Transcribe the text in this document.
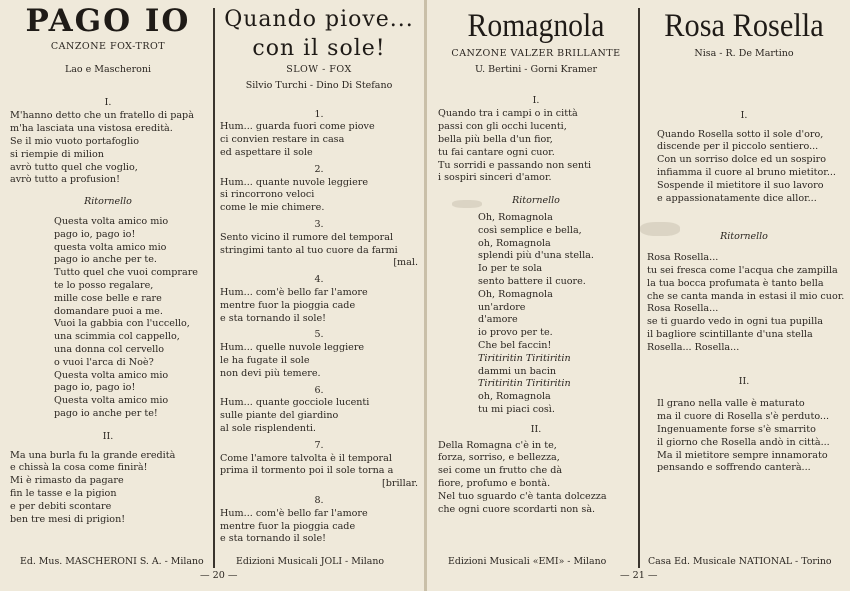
PAGO IO
CANZONE FOX-TROT
Lao e Mascheroni
I.
M'hanno detto che un fratello di papà
m'ha lasciata una vistosa eredità.
Se il mio vuoto portafoglio
si riempie di milion
avrò tutto quel che voglio,
avrò tutto a profusion!
Ritornello
Questa volta amico mio
pago io, pago io!
questa volta amico mio
pago io anche per te.
Tutto quel che vuoi comprare
te lo posso regalare,
mille cose belle e rare
domandare puoi a me.
Vuoi la gabbia con l'uccello,
una scimmia col cappello,
una donna col cervello
o vuoi l'arca di Noè?
Questa volta amico mio
pago io, pago io!
Questa volta amico mio
pago io anche per te!
II.
Ma una burla fu la grande eredità
e chissà la cosa come finirà!
Mi è rimasto da pagare
fin le tasse e la pigion
e per debiti scontare
ben tre mesi di prigion!
Ed. Mus. MASCHERONI S. A. - Milano
Quando piove...
con il sole!
SLOW - FOX
Silvio Turchi - Dino Di Stefano
1.
Hum... guarda fuori come piove
ci convien restare in casa
ed aspettare il sole
2.
Hum... quante nuvole leggiere
si rincorrono veloci
come le mie chimere.
3.
Sento vicino il rumore del temporal
stringimi tanto al tuo cuore da farmi
[mal.
4.
Hum... com'è bello far l'amore
mentre fuor la pioggia cade
e sta tornando il sole!
5.
Hum... quelle nuvole leggiere
le ha fugate il sole
non devi più temere.
6.
Hum... quante gocciole lucenti
sulle piante del giardino
al sole risplendenti.
7.
Come l'amore talvolta è il temporal
prima il tormento poi il sole torna a
[brillar.
8.
Hum... com'è bello far l'amore
mentre fuor la pioggia cade
e sta tornando il sole!
Edizioni Musicali JOLI - Milano
— 20 —
Romagnola
CANZONE VALZER BRILLANTE
U. Bertini - Gorni Kramer
I.
Quando tra i campi o in città
passi con gli occhi lucenti,
bella più bella d'un fior,
tu fai cantare ogni cuor.
Tu sorridi e passando non senti
i sospiri sinceri d'amor.
Ritornello
Oh, Romagnola
così semplice e bella,
oh, Romagnola
splendi più d'una stella.
Io per te sola
sento battere il cuore.
Oh, Romagnola
un'ardore
d'amore
io provo per te.
Che bel faccin!
Tiritiritin Tiritiritin
dammi un bacin
Tiritiritin Tiritiritin
oh, Romagnola
tu mi piaci così.
II.
Della Romagna c'è in te,
forza, sorriso, e bellezza,
sei come un frutto che dà
fiore, profumo e bontà.
Nel tuo sguardo c'è tanta dolcezza
che ogni cuore scordarti non sà.
Edizioni Musicali «EMI» - Milano
— 21 —
Rosa Rosella
Nisa - R. De Martino
I.
Quando Rosella sotto il sole d'oro,
discende per il piccolo sentiero...
Con un sorriso dolce ed un sospiro
infiamma il cuore al bruno mietitor...
Sospende il mietitore il suo lavoro
e appassionatamente dice allor...
Ritornello
Rosa Rosella...
tu sei fresca come l'acqua che zampilla
la tua bocca profumata è tanto bella
che se canta manda in estasi il mio cuor.
Rosa Rosella...
se ti guardo vedo in ogni tua pupilla
il bagliore scintillante d'una stella
Rosella... Rosella...
II.
Il grano nella valle è maturato
ma il cuore di Rosella s'è perduto...
Ingenuamente forse s'è smarrito
il giorno che Rosella andò in città...
Ma il mietitore sempre innamorato
pensando e soffrendo canterà...
Casa Ed. Musicale NATIONAL - Torino
